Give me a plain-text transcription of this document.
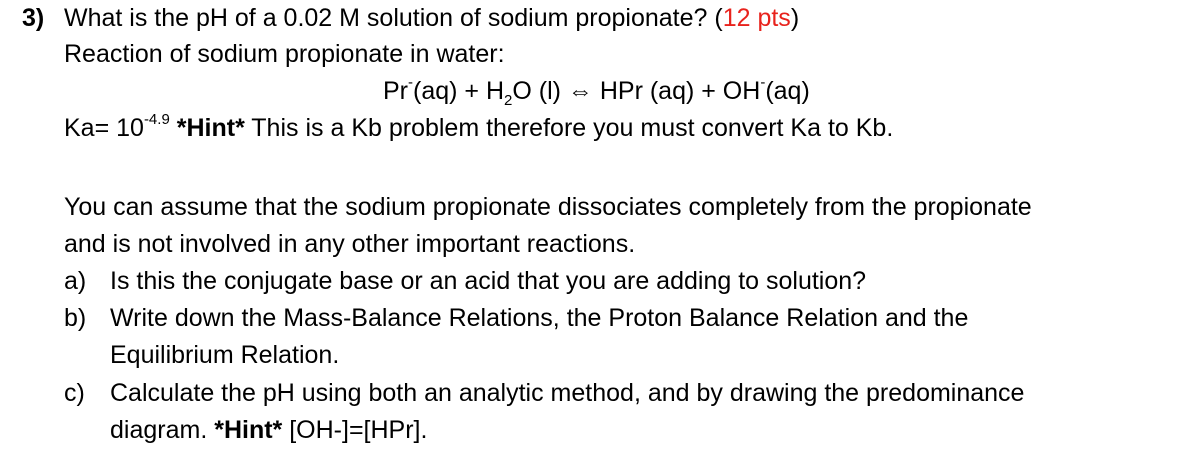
3) What is the pH of a 0.02 M solution of sodium propionate? (12 pts)
Reaction of sodium propionate in water:
$Pr^-(aq) + H_2O$ (l) ⇔ HPr (aq) + OH-(aq)
$Ka= 10^{-4.9}$ *Hint* This is a Kb problem therefore you must convert Ka to Kb.
You can assume that the sodium propionate dissociates completely from the propionate
and is not involved in any other important reactions.
a) Is this the conjugate base or an acid that you are adding to solution?
b) Write down the Mass-Balance Relations, the Proton Balance Relation and the
Equilibrium Relation.
c) Calculate the pH using both an analytic method, and by drawing the predominance
diagram. *Hint* [OH-]=[HPr].
